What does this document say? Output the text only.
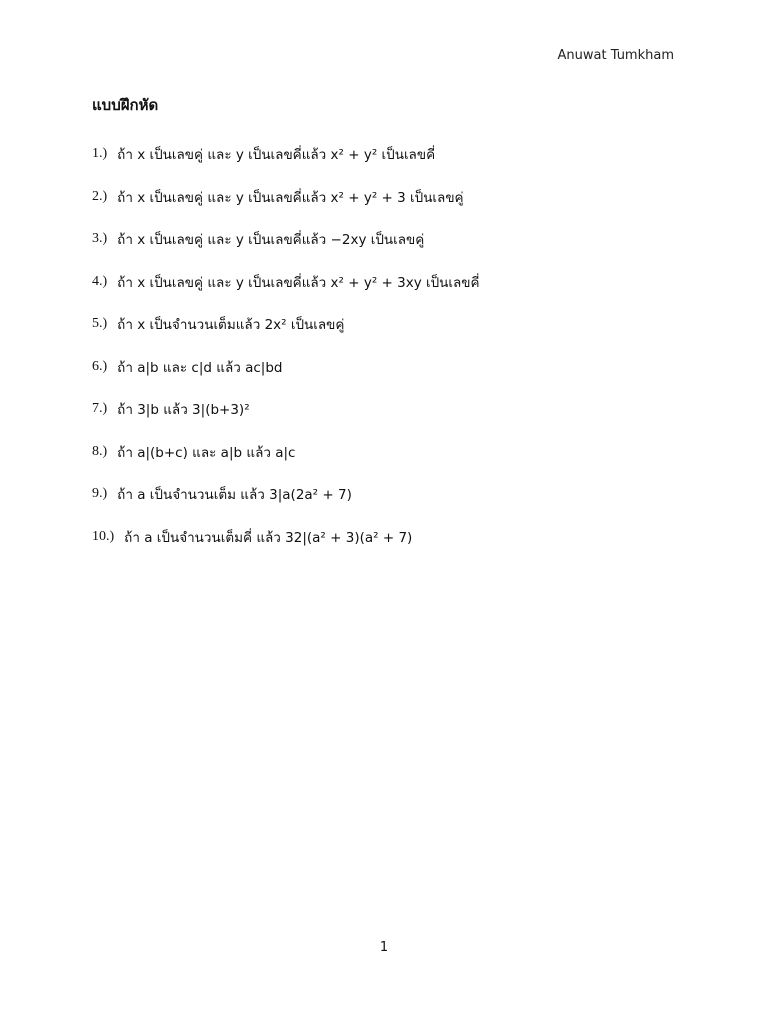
Anuwat Tumkham
แบบฝึกหัด
1.) ถ้า x เป็นเลขคู่ และ y เป็นเลขคี่แล้ว x² + y² เป็นเลขคี่
2.) ถ้า x เป็นเลขคู่ และ y เป็นเลขคี่แล้ว x² + y² + 3 เป็นเลขคู่
3.) ถ้า x เป็นเลขคู่ และ y เป็นเลขคี่แล้ว −2xy เป็นเลขคู่
4.) ถ้า x เป็นเลขคู่ และ y เป็นเลขคี่แล้ว x² + y² + 3xy เป็นเลขคี่
5.) ถ้า x เป็นจำนวนเต็มแล้ว 2x² เป็นเลขคู่
6.) ถ้า a|b และ c|d แล้ว ac|bd
7.) ถ้า 3|b แล้ว 3|(b+3)²
8.) ถ้า a|(b+c) และ a|b แล้ว a|c
9.) ถ้า a เป็นจำนวนเต็ม แล้ว 3|a(2a² + 7)
10.) ถ้า a เป็นจำนวนเต็มคี่ แล้ว 32|(a² + 3)(a² + 7)
1
